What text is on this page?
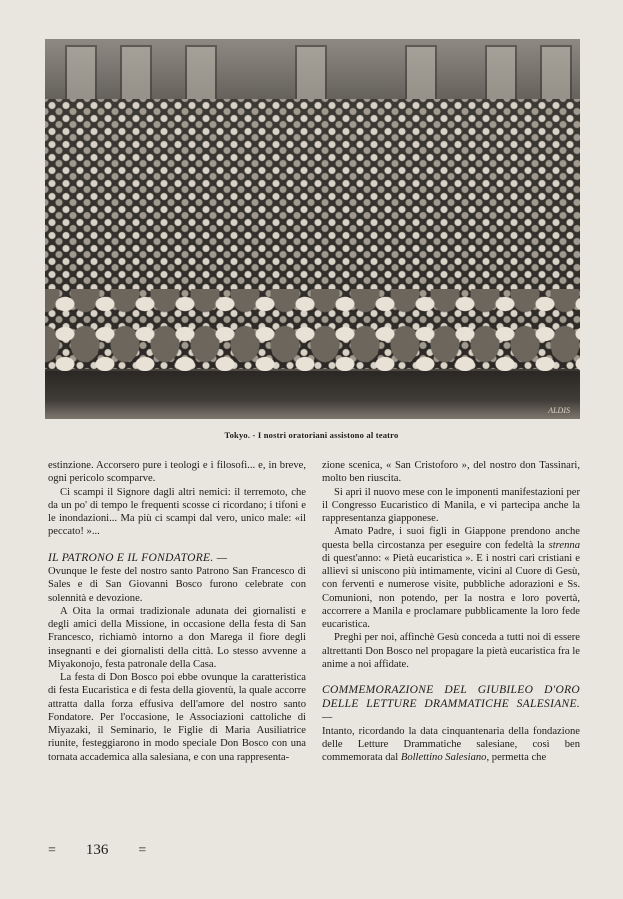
ALDIS
Tokyo. - I nostri oratoriani assistono al teatro

estinzione. Accorsero pure i teologi e i filosofi... e, in breve, ogni pericolo scomparve.

Ci scampi il Signore dagli altri nemici: il terremoto, che da un po' di tempo le frequenti scosse ci ricordano; i tifoni e le inondazioni... Ma più ci scampi dal vero, unico male: «il peccato! »...

IL PATRONO E IL FONDATORE. —

Ovunque le feste del nostro santo Patrono San Francesco di Sales e di San Giovanni Bosco furono celebrate con solennità e devozione.

A Oita la ormai tradizionale adunata dei giornalisti e degli amici della Missione, in occasione della festa di San Francesco, richiamò intorno a don Marega il fiore degli insegnanti e dei giornalisti della città. Lo stesso avvenne a Miyakonojo, festa patronale della Casa.

La festa di Don Bosco poi ebbe ovunque la caratteristica di festa Eucaristica e di festa della gioventù, la quale accorre attratta dalla forza effusiva dell'amore del nostro santo Fondatore. Per l'occasione, le Associazioni cattoliche di Miyazaki, il Seminario, le Figlie di Maria Ausiliatrice riunite, festeggiarono in modo speciale Don Bosco con una tornata accademica alla salesiana, e con una rappresenta-

zione scenica, « San Cristoforo », del nostro don Tassinari, molto ben riuscita.

Si aprì il nuovo mese con le imponenti manifestazioni per il Congresso Eucaristico di Manila, e vi partecipa anche la rappresentanza giapponese.

Amato Padre, i suoi figli in Giappone prendono anche questa bella circostanza per eseguire con fedeltà la strenna di quest'anno: « Pietà eucaristica ». E i nostri cari cristiani e allievi si uniscono più intimamente, vicini al Cuore di Gesù, con ferventi e numerose visite, pubbliche adorazioni e Ss. Comunioni, non potendo, per la nostra e loro povertà, accorrere a Manila e proclamare pubblicamente la loro fede eucaristica.

Preghi per noi, affinchè Gesù conceda a tutti noi di essere altrettanti Don Bosco nel propagare la pietà eucaristica fra le anime a noi affidate.

COMMEMORAZIONE DEL GIUBILEO D'ORO DELLE LETTURE DRAMMATICHE SALESIANE. —

Intanto, ricordando la data cinquantenaria della fondazione delle Letture Drammatiche salesiane, così ben commemorata dal Bollettino Salesiano, permetta che

= 136 =
